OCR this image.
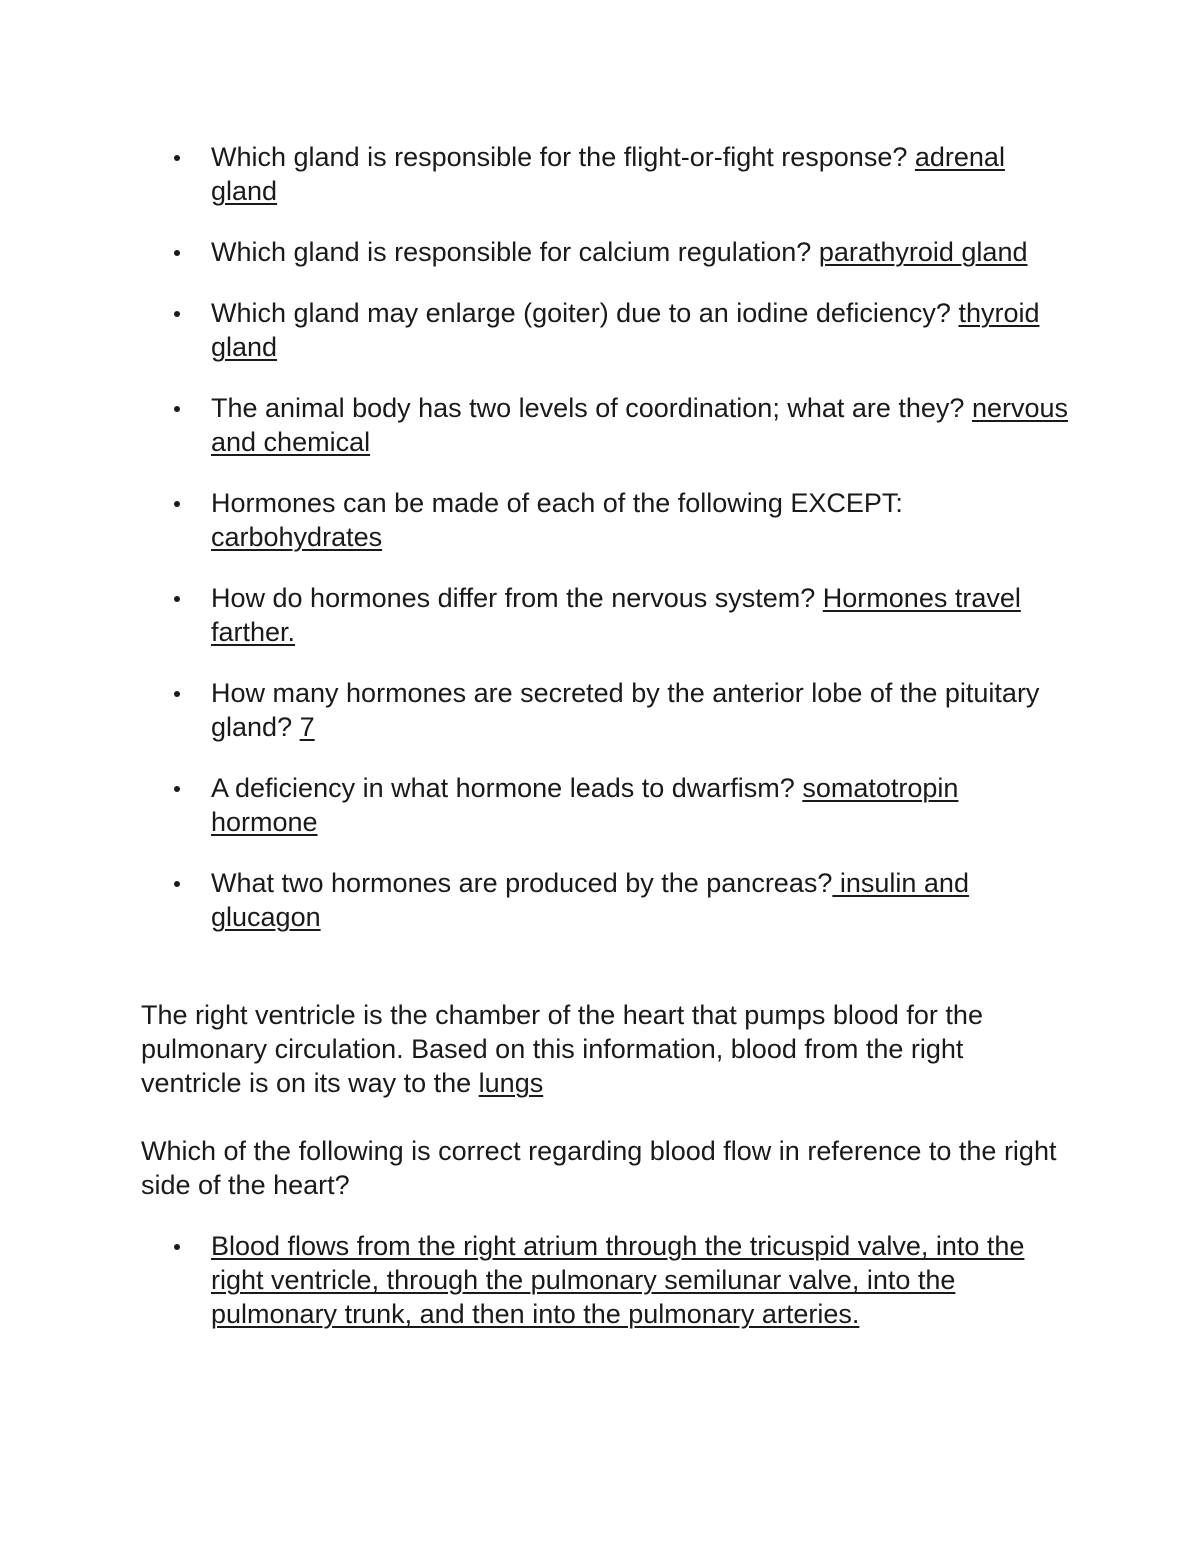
Which gland is responsible for the flight-or-fight response? adrenal gland
Which gland is responsible for calcium regulation? parathyroid gland
Which gland may enlarge (goiter) due to an iodine deficiency? thyroid gland
The animal body has two levels of coordination; what are they? nervous and chemical
Hormones can be made of each of the following EXCEPT: carbohydrates
How do hormones differ from the nervous system? Hormones travel farther.
How many hormones are secreted by the anterior lobe of the pituitary gland? 7
A deficiency in what hormone leads to dwarfism? somatotropin hormone
What two hormones are produced by the pancreas? insulin and glucagon

The right ventricle is the chamber of the heart that pumps blood for the pulmonary circulation. Based on this information, blood from the right ventricle is on its way to the lungs

Which of the following is correct regarding blood flow in reference to the right side of the heart?

Blood flows from the right atrium through the tricuspid valve, into the right ventricle, through the pulmonary semilunar valve, into the pulmonary trunk, and then into the pulmonary arteries.
